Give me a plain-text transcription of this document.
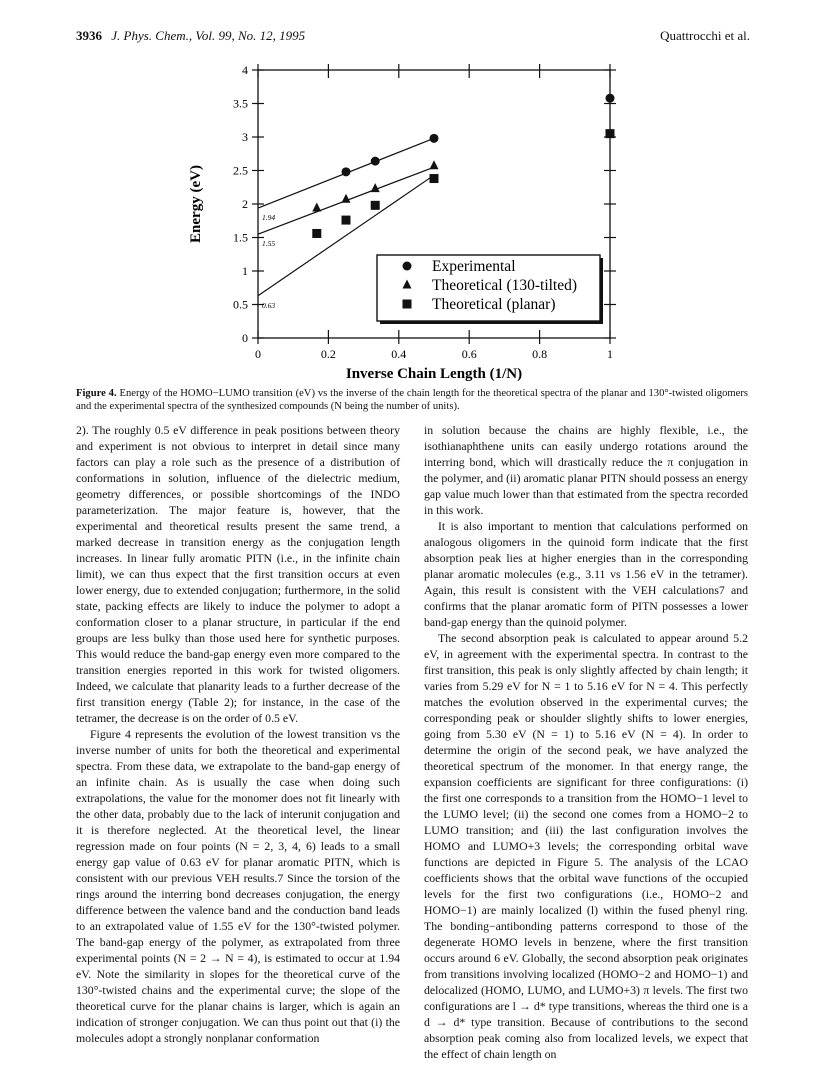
3936 J. Phys. Chem., Vol. 99, No. 12, 1995	Quattrocchi et al.
0
0.5
1
1.5
2
2.5
3
3.5
4
0	0.2	0.4	0.6	0.8	1
1.94
1.55
0.63
Experimental
Theoretical (130-tilted)
Theoretical (planar)
Energy (eV)
Inverse Chain Length (1/N)
Figure 4. Energy of the HOMO−LUMO transition (eV) vs the inverse of the chain length for the theoretical spectra of the planar and 130°-twisted oligomers and the experimental spectra of the synthesized compounds (N being the number of units).

2). The roughly 0.5 eV difference in peak positions between theory and experiment is not obvious to interpret in detail since many factors can play a role such as the presence of a distribution of conformations in solution, influence of the dielectric medium, geometry differences, or possible shortcomings of the INDO parameterization. The major feature is, however, that the experimental and theoretical results present the same trend, a marked decrease in transition energy as the conjugation length increases. In linear fully aromatic PITN (i.e., in the infinite chain limit), we can thus expect that the first transition occurs at even lower energy, due to extended conjugation; furthermore, in the solid state, packing effects are likely to induce the polymer to adopt a conformation closer to a planar structure, in particular if the end groups are less bulky than those used here for synthetic purposes. This would reduce the band-gap energy even more compared to the transition energies reported in this work for twisted oligomers. Indeed, we calculate that planarity leads to a further decrease of the first transition energy (Table 2); for instance, in the case of the tetramer, the decrease is on the order of 0.5 eV.

Figure 4 represents the evolution of the lowest transition vs the inverse number of units for both the theoretical and experimental spectra. From these data, we extrapolate to the band-gap energy of an infinite chain. As is usually the case when doing such extrapolations, the value for the monomer does not fit linearly with the other data, probably due to the lack of interunit conjugation and it is therefore neglected. At the theoretical level, the linear regression made on four points (N = 2, 3, 4, 6) leads to a small energy gap value of 0.63 eV for planar aromatic PITN, which is consistent with our previous VEH results.7 Since the torsion of the rings around the interring bond decreases conjugation, the energy difference between the valence band and the conduction band leads to an extrapolated value of 1.55 eV for the 130°-twisted polymer. The band-gap energy of the polymer, as extrapolated from three experimental points (N = 2 → N = 4), is estimated to occur at 1.94 eV. Note the similarity in slopes for the theoretical curve of the 130°-twisted chains and the experimental curve; the slope of the theoretical curve for the planar chains is larger, which is again an indication of stronger conjugation. We can thus point out that (i) the molecules adopt a strongly nonplanar conformation

in solution because the chains are highly flexible, i.e., the isothianaphthene units can easily undergo rotations around the interring bond, which will drastically reduce the π conjugation in the polymer, and (ii) aromatic planar PITN should possess an energy gap value much lower than that estimated from the spectra recorded in this work.

It is also important to mention that calculations performed on analogous oligomers in the quinoid form indicate that the first absorption peak lies at higher energies than in the corresponding planar aromatic molecules (e.g., 3.11 vs 1.56 eV in the tetramer). Again, this result is consistent with the VEH calculations7 and confirms that the planar aromatic form of PITN possesses a lower band-gap energy than the quinoid polymer.

The second absorption peak is calculated to appear around 5.2 eV, in agreement with the experimental spectra. In contrast to the first transition, this peak is only slightly affected by chain length; it varies from 5.29 eV for N = 1 to 5.16 eV for N = 4. This perfectly matches the evolution observed in the experimental curves; the corresponding peak or shoulder slightly shifts to lower energies, going from 5.30 eV (N = 1) to 5.16 eV (N = 4). In order to determine the origin of the second peak, we have analyzed the theoretical spectrum of the monomer. In that energy range, the expansion coefficients are significant for three configurations: (i) the first one corresponds to a transition from the HOMO−1 level to the LUMO level; (ii) the second one comes from a HOMO−2 to LUMO transition; and (iii) the last configuration involves the HOMO and LUMO+3 levels; the corresponding orbital wave functions are depicted in Figure 5. The analysis of the LCAO coefficients shows that the orbital wave functions of the occupied levels for the first two configurations (i.e., HOMO−2 and HOMO−1) are mainly localized (l) within the fused phenyl ring. The bonding−antibonding patterns correspond to those of the degenerate HOMO levels in benzene, where the first transition occurs around 6 eV. Globally, the second absorption peak originates from transitions involving localized (HOMO−2 and HOMO−1) and delocalized (HOMO, LUMO, and LUMO+3) π levels. The first two configurations are l → d* type transitions, whereas the third one is a d → d* type transition. Because of contributions to the second absorption peak coming also from localized levels, we expect that the effect of chain length on
